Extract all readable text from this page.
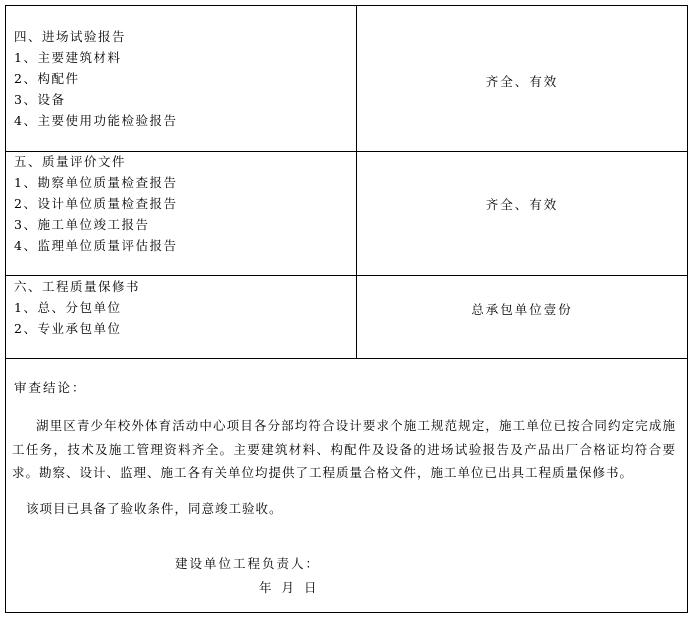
四、进场试验报告
1、主要建筑材料
2、构配件
3、设备
4、主要使用功能检验报告
齐全、有效
五、质量评价文件
1、勘察单位质量检查报告
2、设计单位质量检查报告
3、施工单位竣工报告
4、监理单位质量评估报告
齐全、有效
六、工程质量保修书
1、总、分包单位
2、专业承包单位
总承包单位壹份
审查结论：
湖里区青少年校外体育活动中心项目各分部均符合设计要求个施工规范规定，施工单位已按合同约定完成施工任务，技术及施工管理资料齐全。主要建筑材料、构配件及设备的进场试验报告及产品出厂合格证均符合要求。勘察、设计、监理、施工各有关单位均提供了工程质量合格文件，施工单位已出具工程质量保修书。
该项目已具备了验收条件，同意竣工验收。
建设单位工程负责人：
年 月 日
